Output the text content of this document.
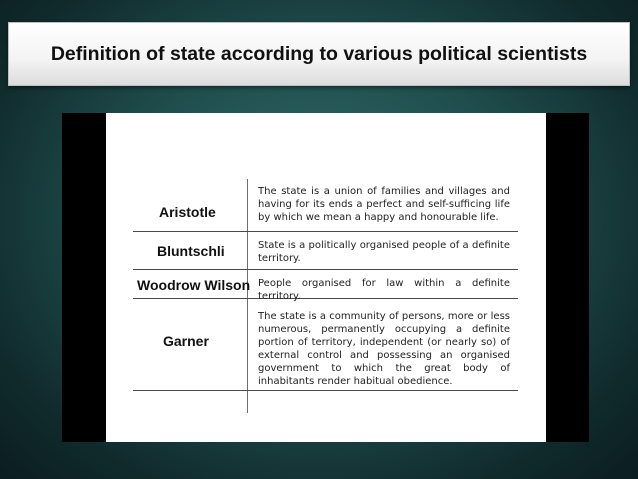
Definition of state according to various political scientists
Aristotle
The state is a union of families and villages and having for its ends a perfect and self-sufficing life by which we mean a happy and honourable life.
Bluntschli	State is a politically organised people of a definite territory.
Woodrow Wilson People organised for law within a definite territory.
Garner
The state is a community of persons, more or less numerous, permanently occupying a definite portion of territory, independent (or nearly so) of external control and possessing an organised government to which the great body of inhabitants render habitual obedience.
